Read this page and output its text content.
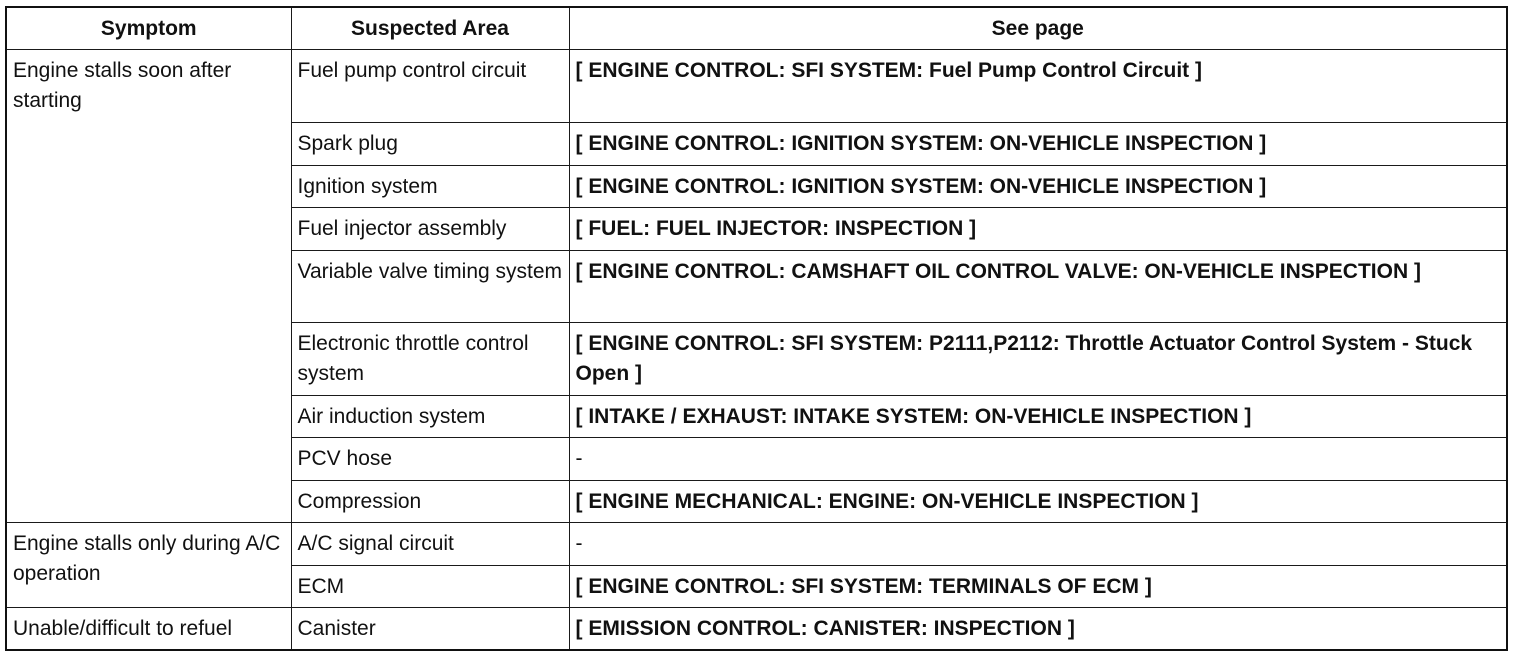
Symptom	Suspected Area	See page
Engine stalls soon after starting	Fuel pump control circuit	[ ENGINE CONTROL: SFI SYSTEM: Fuel Pump Control Circuit ]
	Spark plug	[ ENGINE CONTROL: IGNITION SYSTEM: ON-VEHICLE INSPECTION ]
	Ignition system	[ ENGINE CONTROL: IGNITION SYSTEM: ON-VEHICLE INSPECTION ]
	Fuel injector assembly	[ FUEL: FUEL INJECTOR: INSPECTION ]
	Variable valve timing system	[ ENGINE CONTROL: CAMSHAFT OIL CONTROL VALVE: ON-VEHICLE INSPECTION ]
	Electronic throttle control system	[ ENGINE CONTROL: SFI SYSTEM: P2111,P2112: Throttle Actuator Control System - Stuck Open ]
	Air induction system	[ INTAKE / EXHAUST: INTAKE SYSTEM: ON-VEHICLE INSPECTION ]
	PCV hose	-
	Compression	[ ENGINE MECHANICAL: ENGINE: ON-VEHICLE INSPECTION ]
Engine stalls only during A/C operation	A/C signal circuit	-
	ECM	[ ENGINE CONTROL: SFI SYSTEM: TERMINALS OF ECM ]
Unable/difficult to refuel	Canister	[ EMISSION CONTROL: CANISTER: INSPECTION ]
